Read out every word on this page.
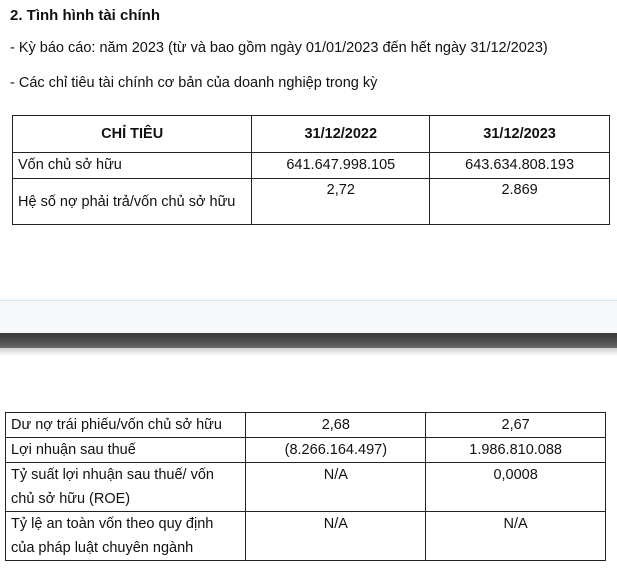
2. Tình hình tài chính
- Kỳ báo cáo: năm 2023 (từ và bao gồm ngày 01/01/2023 đến hết ngày 31/12/2023)
- Các chỉ tiêu tài chính cơ bản của doanh nghiệp trong kỳ
CHỈ TIÊU	31/12/2022	31/12/2023
Vốn chủ sở hữu	641.647.998.105	643.634.808.193
Hệ số nợ phải trả/vốn chủ sở hữu	2,72	2.869
Dư nợ trái phiếu/vốn chủ sở hữu	2,68	2,67
Lợi nhuận sau thuế	(8.266.164.497)	1.986.810.088
Tỷ suất lợi nhuận sau thuế/ vốn chủ sở hữu (ROE)	N/A	0,0008
Tỷ lệ an toàn vốn theo quy định của pháp luật chuyên ngành	N/A	N/A
